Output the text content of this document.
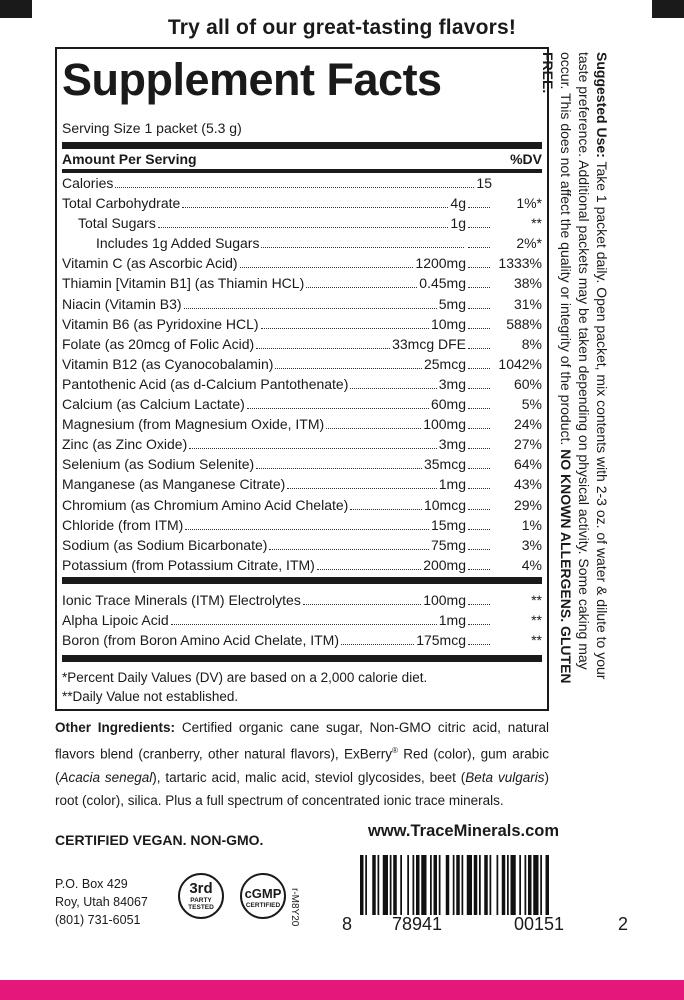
Try all of our great-tasting flavors!
Supplement Facts
Serving Size 1 packet (5.3 g)
Amount Per Serving	%DV
Calories	15
Total Carbohydrate	4g	1%*
Total Sugars	1g	**
Includes 1g Added Sugars	2%*
Vitamin C (as Ascorbic Acid)	1200mg	1333%
Thiamin [Vitamin B1] (as Thiamin HCL)	0.45mg	38%
Niacin (Vitamin B3)	5mg	31%
Vitamin B6 (as Pyridoxine HCL)	10mg	588%
Folate (as 20mcg of Folic Acid)	33mcg DFE	8%
Vitamin B12 (as Cyanocobalamin)	25mcg	1042%
Pantothenic Acid (as d-Calcium Pantothenate)	3mg	60%
Calcium (as Calcium Lactate)	60mg	5%
Magnesium (from Magnesium Oxide, ITM)	100mg	24%
Zinc (as Zinc Oxide)	3mg	27%
Selenium (as Sodium Selenite)	35mcg	64%
Manganese (as Manganese Citrate)	1mg	43%
Chromium (as Chromium Amino Acid Chelate)	10mcg	29%
Chloride (from ITM)	15mg	1%
Sodium (as Sodium Bicarbonate)	75mg	3%
Potassium (from Potassium Citrate, ITM)	200mg	4%
Ionic Trace Minerals (ITM) Electrolytes	100mg	**
Alpha Lipoic Acid	1mg	**
Boron (from Boron Amino Acid Chelate, ITM)	175mcg	**
*Percent Daily Values (DV) are based on a 2,000 calorie diet.
**Daily Value not established.
Suggested Use: Take 1 packet daily. Open packet, mix contents with 2-3 oz. of water & dilute to your taste preference. Additional packets may be taken depending on physical activity. Some caking may occur. This does not affect the quality or integrity of the product. NO KNOWN ALLERGENS. GLUTEN FREE.
Other Ingredients: Certified organic cane sugar, Non-GMO citric acid, natural flavors blend (cranberry, other natural flavors), ExBerry® Red (color), gum arabic (Acacia senegal), tartaric acid, malic acid, steviol glycosides, beet (Beta vulgaris) root (color), silica. Plus a full spectrum of concentrated ionic trace minerals.
CERTIFIED VEGAN. NON-GMO.	www.TraceMinerals.com
P.O. Box 429
Roy, Utah 84067
(801) 731-6051
3rd
PARTY
TESTED
cGMP
CERTIFIED r-M8Y20 8 78941	00151	2
